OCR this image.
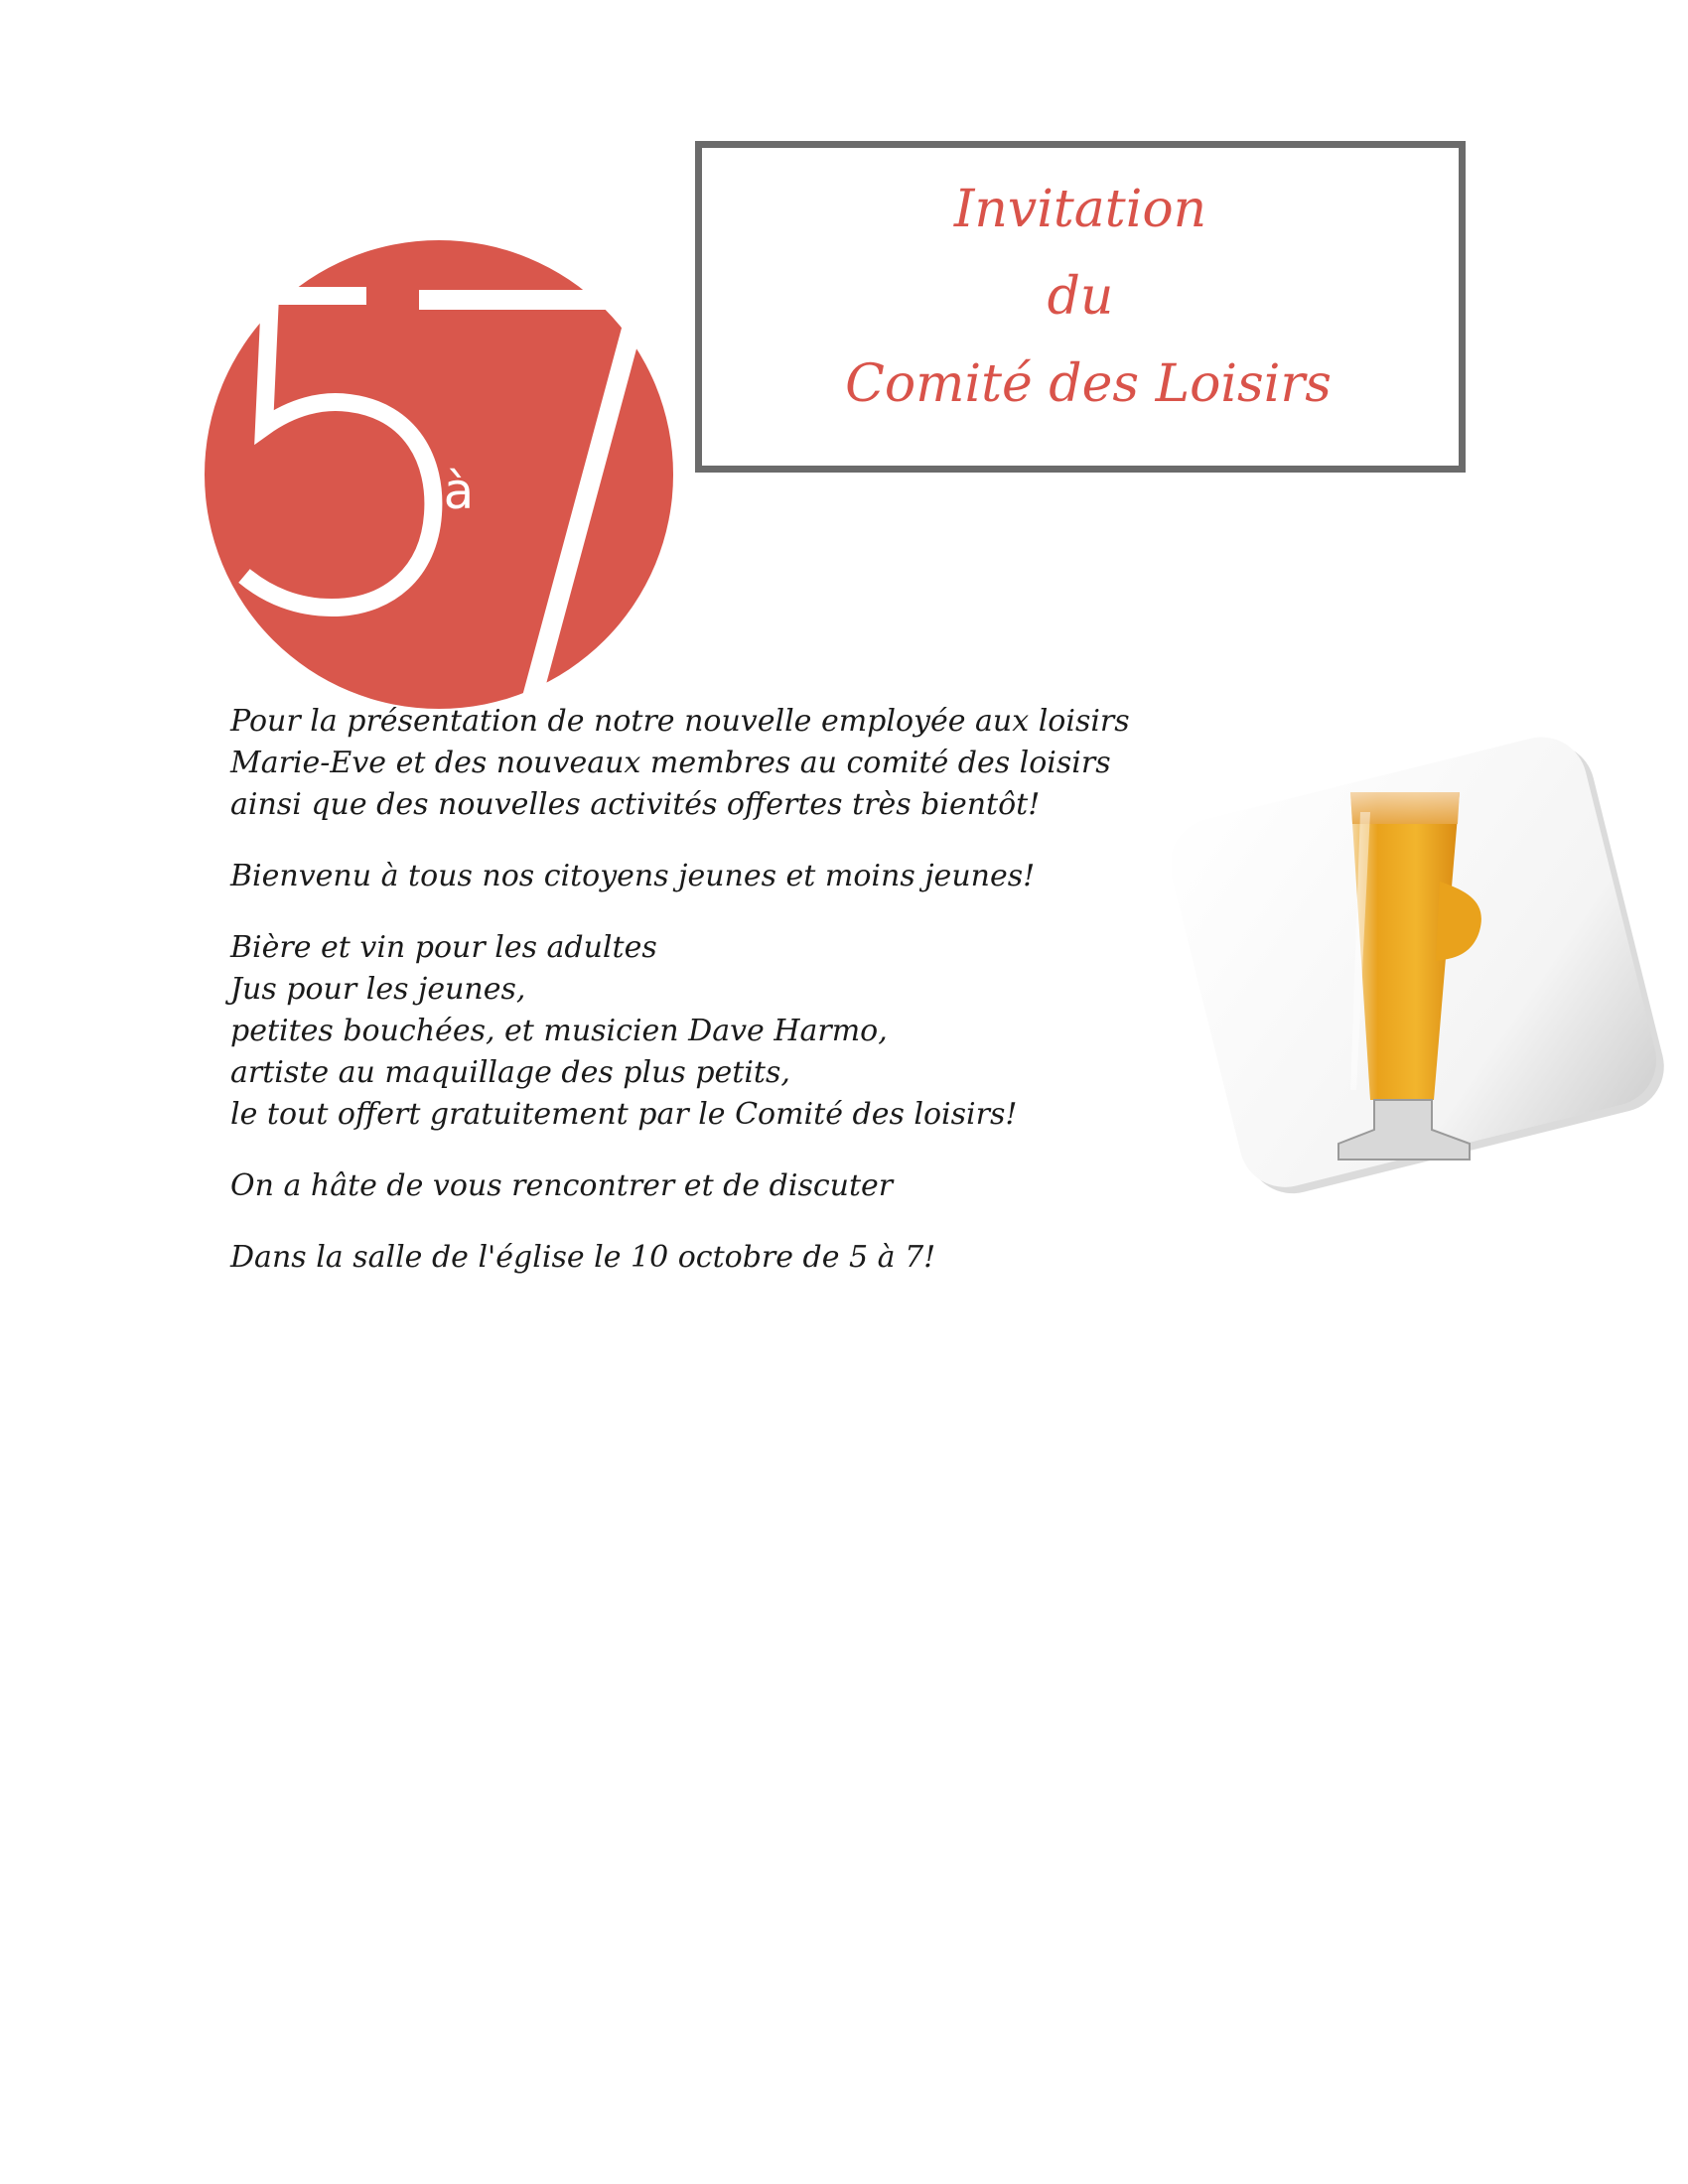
à
Invitation
du
Comité des Loisirs
Pour la présentation de notre nouvelle employée aux loisirs
Marie-Eve et des nouveaux membres au comité des loisirs
ainsi que des nouvelles activités offertes très bientôt!
Bienvenu à tous nos citoyens jeunes et moins jeunes!
Bière et vin pour les adultes
Jus pour les jeunes,
petites bouchées, et musicien Dave Harmo,
artiste au maquillage des plus petits,
le tout offert gratuitement par le Comité des loisirs!
On a hâte de vous rencontrer et de discuter
Dans la salle de l'église le 10 octobre de 5 à 7!
